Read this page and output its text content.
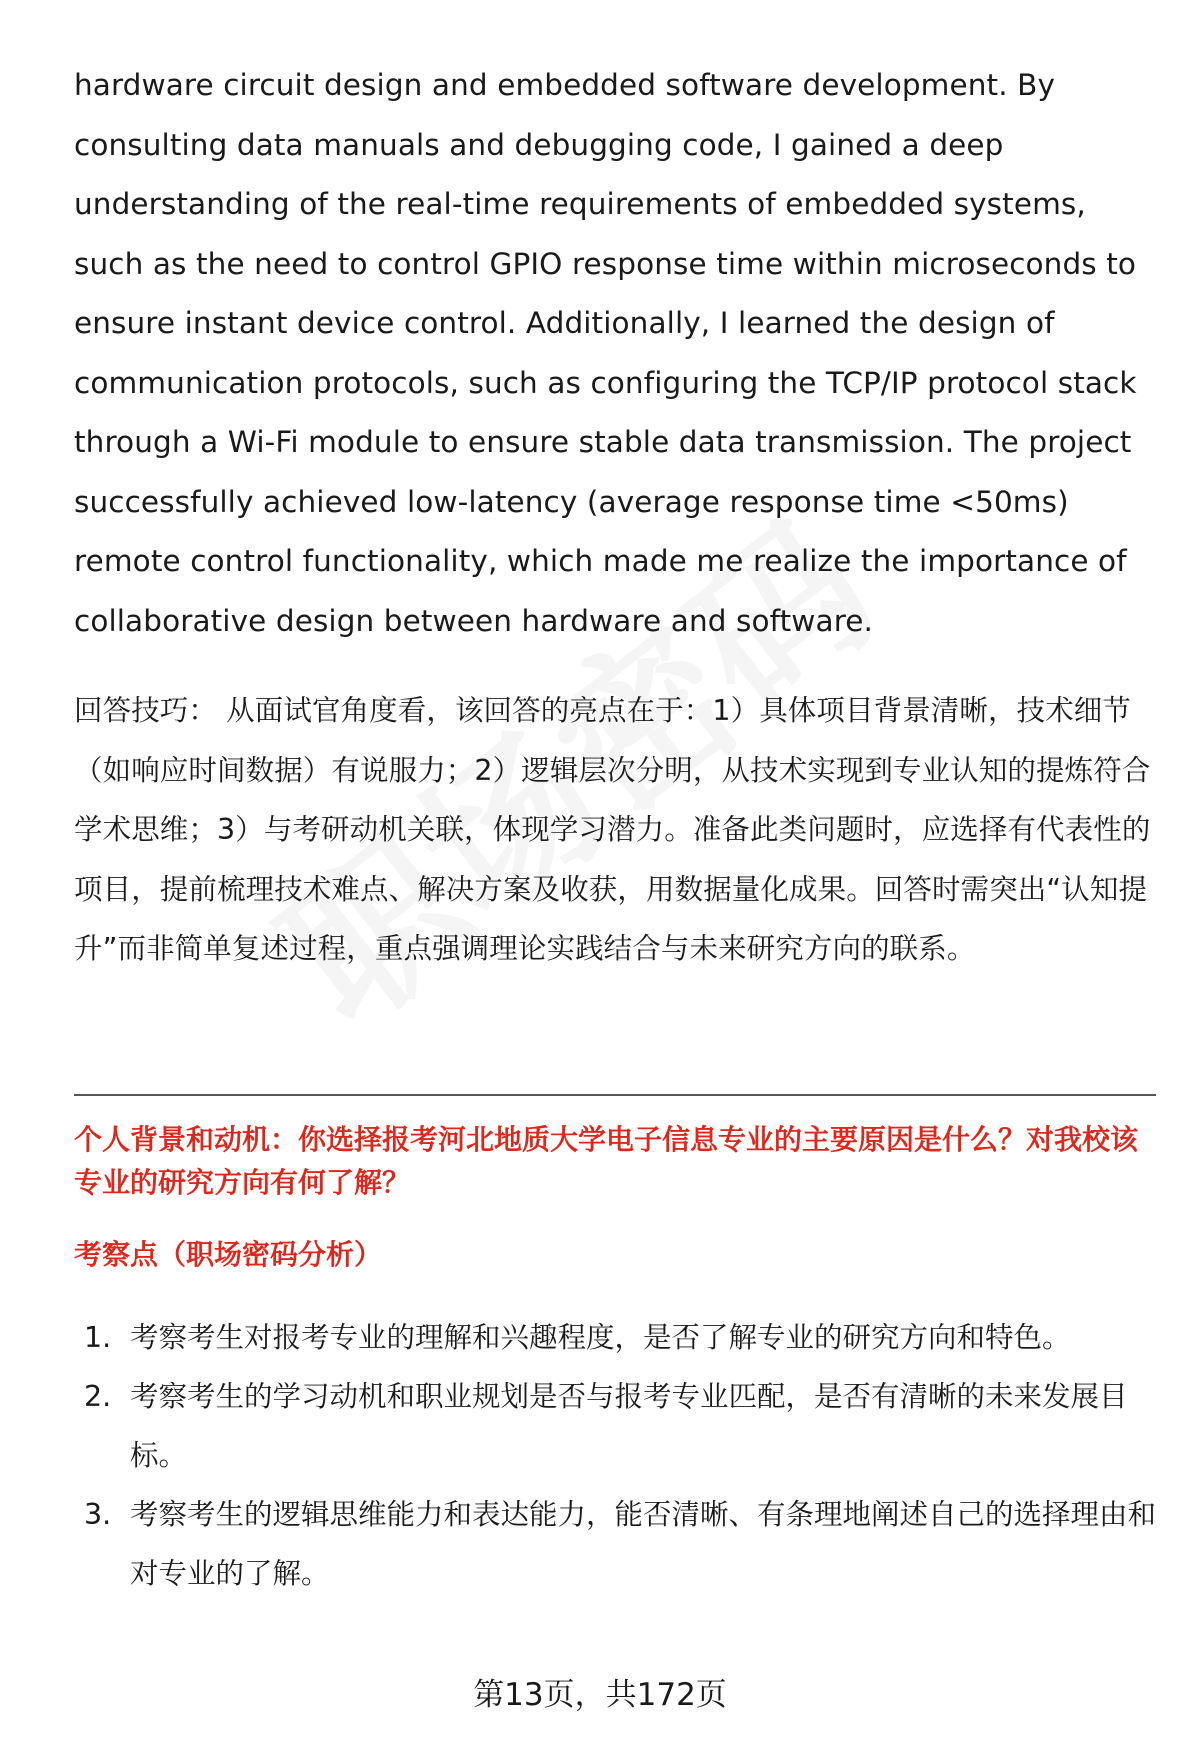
hardware circuit design and embedded software development. By consulting data manuals and debugging code, I gained a deep understanding of the real-time requirements of embedded systems, such as the need to control GPIO response time within microseconds to ensure instant device control. Additionally, I learned the design of communication protocols, such as configuring the TCP/IP protocol stack through a Wi-Fi module to ensure stable data transmission. The project successfully achieved low-latency (average response time <50ms) remote control functionality, which made me realize the importance of collaborative design between hardware and software.

回答技巧： 从面试官角度看，该回答的亮点在于：1）具体项目背景清晰，技术细节（如响应时间数据）有说服力；2）逻辑层次分明，从技术实现到专业认知的提炼符合学术思维；3）与考研动机关联，体现学习潜力。准备此类问题时，应选择有代表性的项目，提前梳理技术难点、解决方案及收获，用数据量化成果。回答时需突出“认知提升”而非简单复述过程，重点强调理论实践结合与未来研究方向的联系。

个人背景和动机：你选择报考河北地质大学电子信息专业的主要原因是什么？对我校该专业的研究方向有何了解？
考察点（职场密码分析）
1. 考察考生对报考专业的理解和兴趣程度，是否了解专业的研究方向和特色。
2. 考察考生的学习动机和职业规划是否与报考专业匹配，是否有清晰的未来发展目标。
3. 考察考生的逻辑思维能力和表达能力，能否清晰、有条理地阐述自己的选择理由和对专业的了解。
第13页，共172页
